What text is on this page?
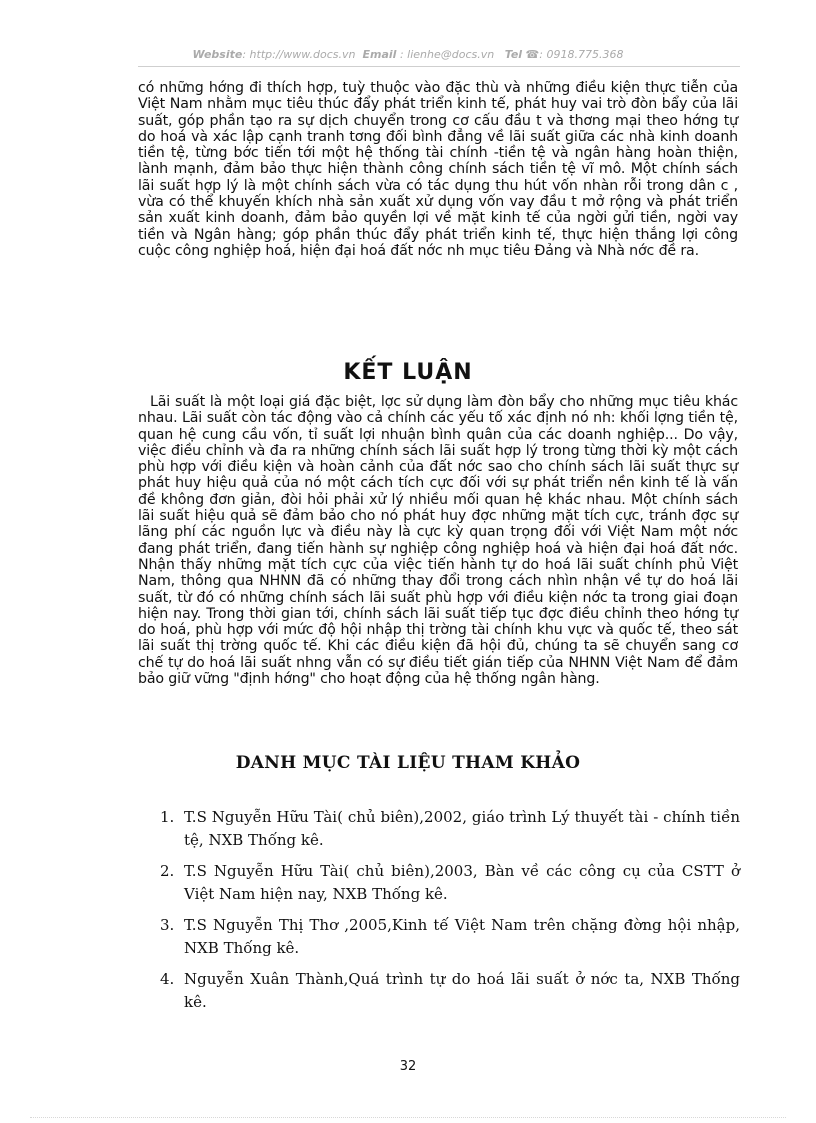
Website: http://www.docs.vn Email : lienhe@docs.vn Tel ☎: 0918.775.368
có những hớng đi thích hợp, tuỳ thuộc vào đặc thù và những điều kiện thực tiễn của Việt Nam nhằm mục tiêu thúc đẩy phát triển kinh tế, phát huy vai trò đòn bẩy của lãi suất, góp phần tạo ra sự dịch chuyển trong cơ cấu đầu t và thơng mại theo hớng tự do hoá và xác lập cạnh tranh tơng đối bình đẳng về lãi suất giữa các nhà kinh doanh tiền tệ, từng bớc tiến tới một hệ thống tài chính -tiền tệ và ngân hàng hoàn thiện, lành mạnh, đảm bảo thực hiện thành công chính sách tiền tệ vĩ mô. Một chính sách lãi suất hợp lý là một chính sách vừa có tác dụng thu hút vốn nhàn rỗi trong dân c , vừa có thể khuyến khích nhà sản xuất xử dụng vốn vay đầu t mở rộng và phát triển sản xuất kinh doanh, đảm bảo quyền lợi về mặt kinh tế của ngời gửi tiền, ngời vay tiền và Ngân hàng; góp phần thúc đẩy phát triển kinh tế, thực hiện thắng lợi công cuộc công nghiệp hoá, hiện đại hoá đất nớc nh mục tiêu Đảng và Nhà nớc đề ra.
KẾT LUẬN
Lãi suất là một loại giá đặc biệt, lợc sử dụng làm đòn bẩy cho những mục tiêu khác nhau. Lãi suất còn tác động vào cả chính các yếu tố xác định nó nh: khối lợng tiền tệ, quan hệ cung cầu vốn, tỉ suất lợi nhuận bình quân của các doanh nghiệp... Do vậy, việc điều chỉnh và đa ra những chính sách lãi suất hợp lý trong từng thời kỳ một cách phù hợp với điều kiện và hoàn cảnh của đất nớc sao cho chính sách lãi suất thực sự phát huy hiệu quả của nó một cách tích cực đối với sự phát triển nền kinh tế là vấn đề không đơn giản, đòi hỏi phải xử lý nhiều mối quan hệ khác nhau. Một chính sách lãi suất hiệu quả sẽ đảm bảo cho nó phát huy đợc những mặt tích cực, tránh đợc sự lãng phí các nguồn lực và điều này là cực kỳ quan trọng đối với Việt Nam một nớc đang phát triển, đang tiến hành sự nghiệp công nghiệp hoá và hiện đại hoá đất nớc. Nhận thấy những mặt tích cực của việc tiến hành tự do hoá lãi suất chính phủ Việt Nam, thông qua NHNN đã có những thay đổi trong cách nhìn nhận về tự do hoá lãi suất, từ đó có những chính sách lãi suất phù hợp với điều kiện nớc ta trong giai đoạn hiện nay. Trong thời gian tới, chính sách lãi suất tiếp tục đợc điều chỉnh theo hớng tự do hoá, phù hợp với mức độ hội nhập thị trờng tài chính khu vực và quốc tế, theo sát lãi suất thị trờng quốc tế. Khi các điều kiện đã hội đủ, chúng ta sẽ chuyển sang cơ chế tự do hoá lãi suất nhng vẫn có sự điều tiết gián tiếp của NHNN Việt Nam để đảm bảo giữ vững "định hớng" cho hoạt động của hệ thống ngân hàng.
DANH MỤC TÀI LIỆU THAM KHẢO
1. T.S Nguyễn Hữu Tài( chủ biên),2002, giáo trình Lý thuyết tài - chính tiền tệ, NXB Thống kê.
2. T.S Nguyễn Hữu Tài( chủ biên),2003, Bàn về các công cụ của CSTT ở Việt Nam hiện nay, NXB Thống kê.
3. T.S Nguyễn Thị Thơ ,2005,Kinh tế Việt Nam trên chặng đờng hội nhập, NXB Thống kê.
4. Nguyễn Xuân Thành,Quá trình tự do hoá lãi suất ở nớc ta, NXB Thống kê.
32
